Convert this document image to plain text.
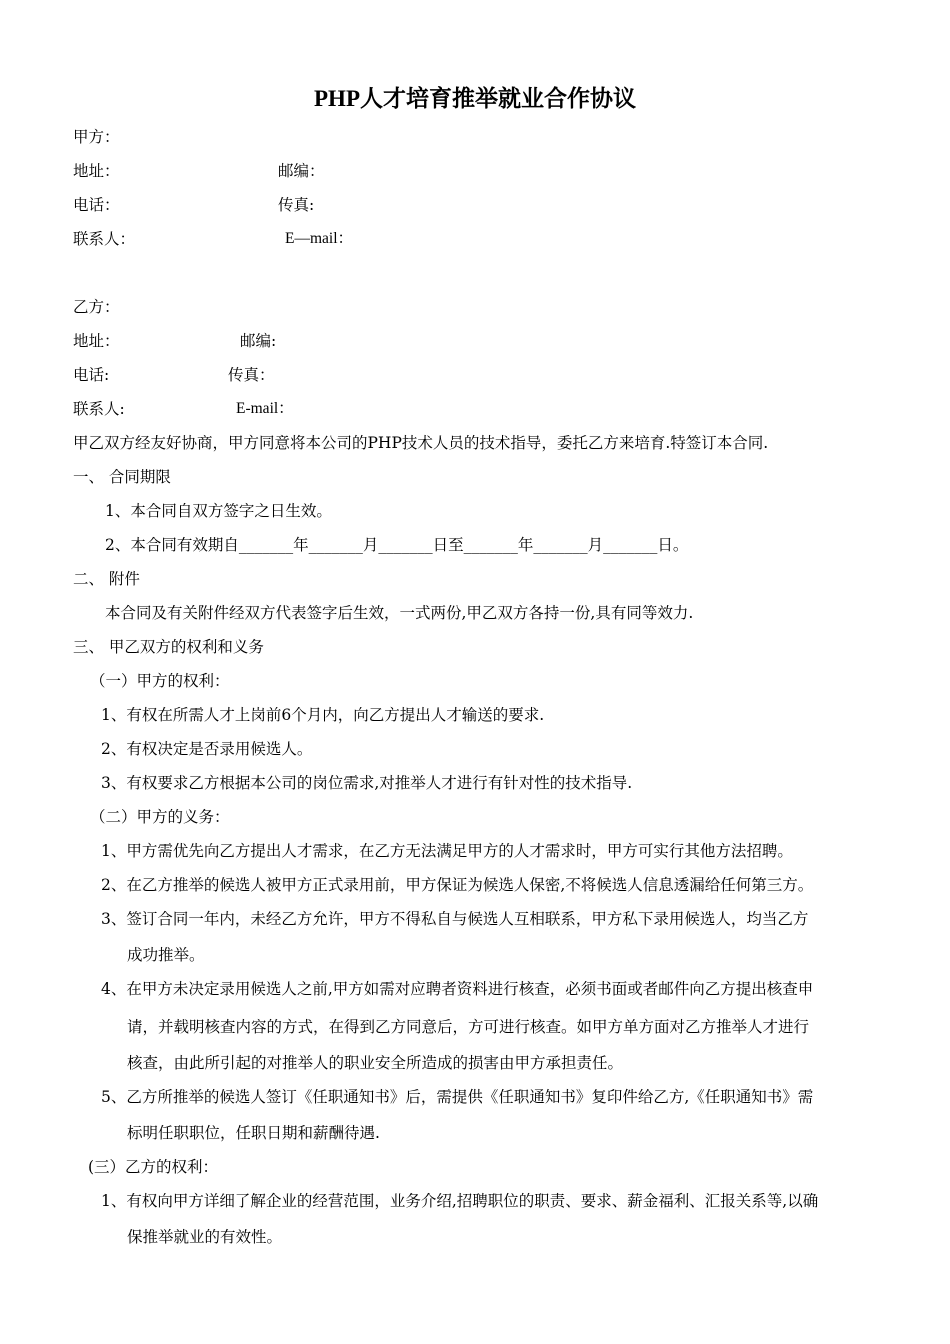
PHP人才培育推举就业合作协议
甲方：
地址：	邮编：
电话：	传真:
联系人：	E—mail：
乙方：
地址：	邮编:
电话:	传真：
联系人:	E-mail：
甲乙双方经友好协商，甲方同意将本公司的PHP技术人员的技术指导，委托乙方来培育.特签订本合同.
一、 合同期限
1、本合同自双方签字之日生效。
2、本合同有效期自_______年_______月_______日至_______年_______月_______日。
二、 附件
本合同及有关附件经双方代表签字后生效，一式两份,甲乙双方各持一份,具有同等效力.
三、 甲乙双方的权利和义务
（一）甲方的权利：
1、有权在所需人才上岗前6个月内，向乙方提出人才输送的要求.
2、有权决定是否录用候选人。
3、有权要求乙方根据本公司的岗位需求,对推举人才进行有针对性的技术指导.
（二）甲方的义务：
1、甲方需优先向乙方提出人才需求，在乙方无法满足甲方的人才需求时，甲方可实行其他方法招聘。
2、在乙方推举的候选人被甲方正式录用前，甲方保证为候选人保密,不将候选人信息透漏给任何第三方。
3、签订合同一年内，未经乙方允许，甲方不得私自与候选人互相联系，甲方私下录用候选人，均当乙方
成功推举。
4、在甲方未决定录用候选人之前,甲方如需对应聘者资料进行核查，必须书面或者邮件向乙方提出核查申
请，并载明核查内容的方式，在得到乙方同意后，方可进行核查。如甲方单方面对乙方推举人才进行
核查，由此所引起的对推举人的职业安全所造成的损害由甲方承担责任。
5、乙方所推举的候选人签订《任职通知书》后，需提供《任职通知书》复印件给乙方,《任职通知书》需
标明任职职位，任职日期和薪酬待遇.
(三）乙方的权利：
1、有权向甲方详细了解企业的经营范围，业务介绍,招聘职位的职责、要求、薪金福利、汇报关系等,以确
保推举就业的有效性。
